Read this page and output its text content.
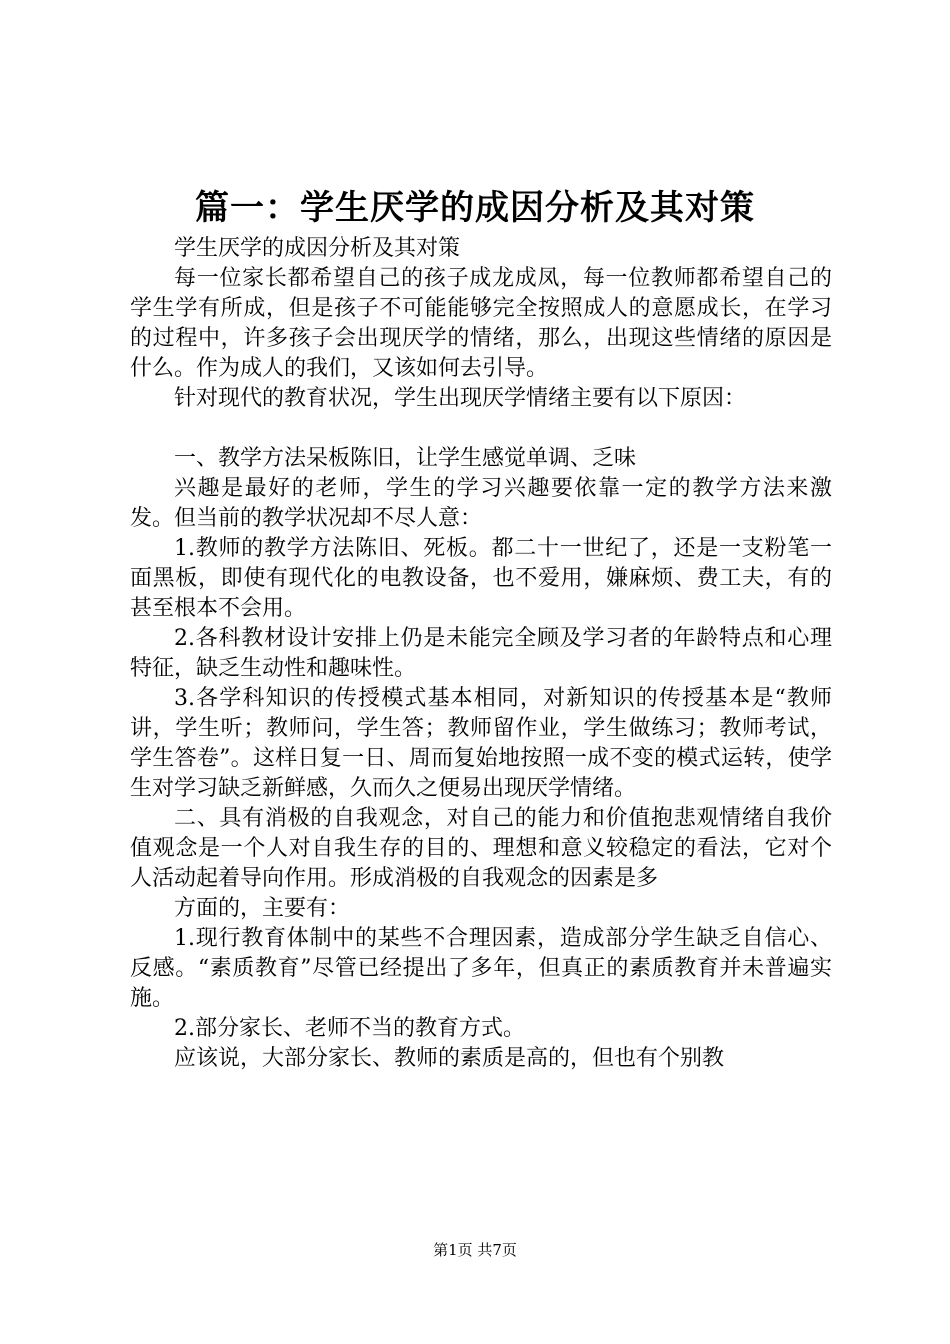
篇一：学生厌学的成因分析及其对策

学生厌学的成因分析及其对策

每一位家长都希望自己的孩子成龙成凤，每一位教师都希望自己的学生学有所成，但是孩子不可能能够完全按照成人的意愿成长，在学习的过程中，许多孩子会出现厌学的情绪，那么，出现这些情绪的原因是什么。作为成人的我们，又该如何去引导。

针对现代的教育状况，学生出现厌学情绪主要有以下原因：

一、教学方法呆板陈旧，让学生感觉单调、乏味

兴趣是最好的老师，学生的学习兴趣要依靠一定的教学方法来激发。但当前的教学状况却不尽人意：

1.教师的教学方法陈旧、死板。都二十一世纪了，还是一支粉笔一面黑板，即使有现代化的电教设备，也不爱用，嫌麻烦、费工夫，有的甚至根本不会用。

2.各科教材设计安排上仍是未能完全顾及学习者的年龄特点和心理特征，缺乏生动性和趣味性。

3.各学科知识的传授模式基本相同，对新知识的传授基本是“教师讲，学生听；教师问，学生答；教师留作业，学生做练习；教师考试，学生答卷”。这样日复一日、周而复始地按照一成不变的模式运转，使学生对学习缺乏新鲜感，久而久之便易出现厌学情绪。

二、具有消极的自我观念，对自己的能力和价值抱悲观情绪自我价值观念是一个人对自我生存的目的、理想和意义较稳定的看法，它对个人活动起着导向作用。形成消极的自我观念的因素是多

方面的，主要有：

1.现行教育体制中的某些不合理因素，造成部分学生缺乏自信心、反感。“素质教育”尽管已经提出了多年，但真正的素质教育并未普遍实施。

2.部分家长、老师不当的教育方式。

应该说，大部分家长、教师的素质是高的，但也有个别教

第1页 共7页
